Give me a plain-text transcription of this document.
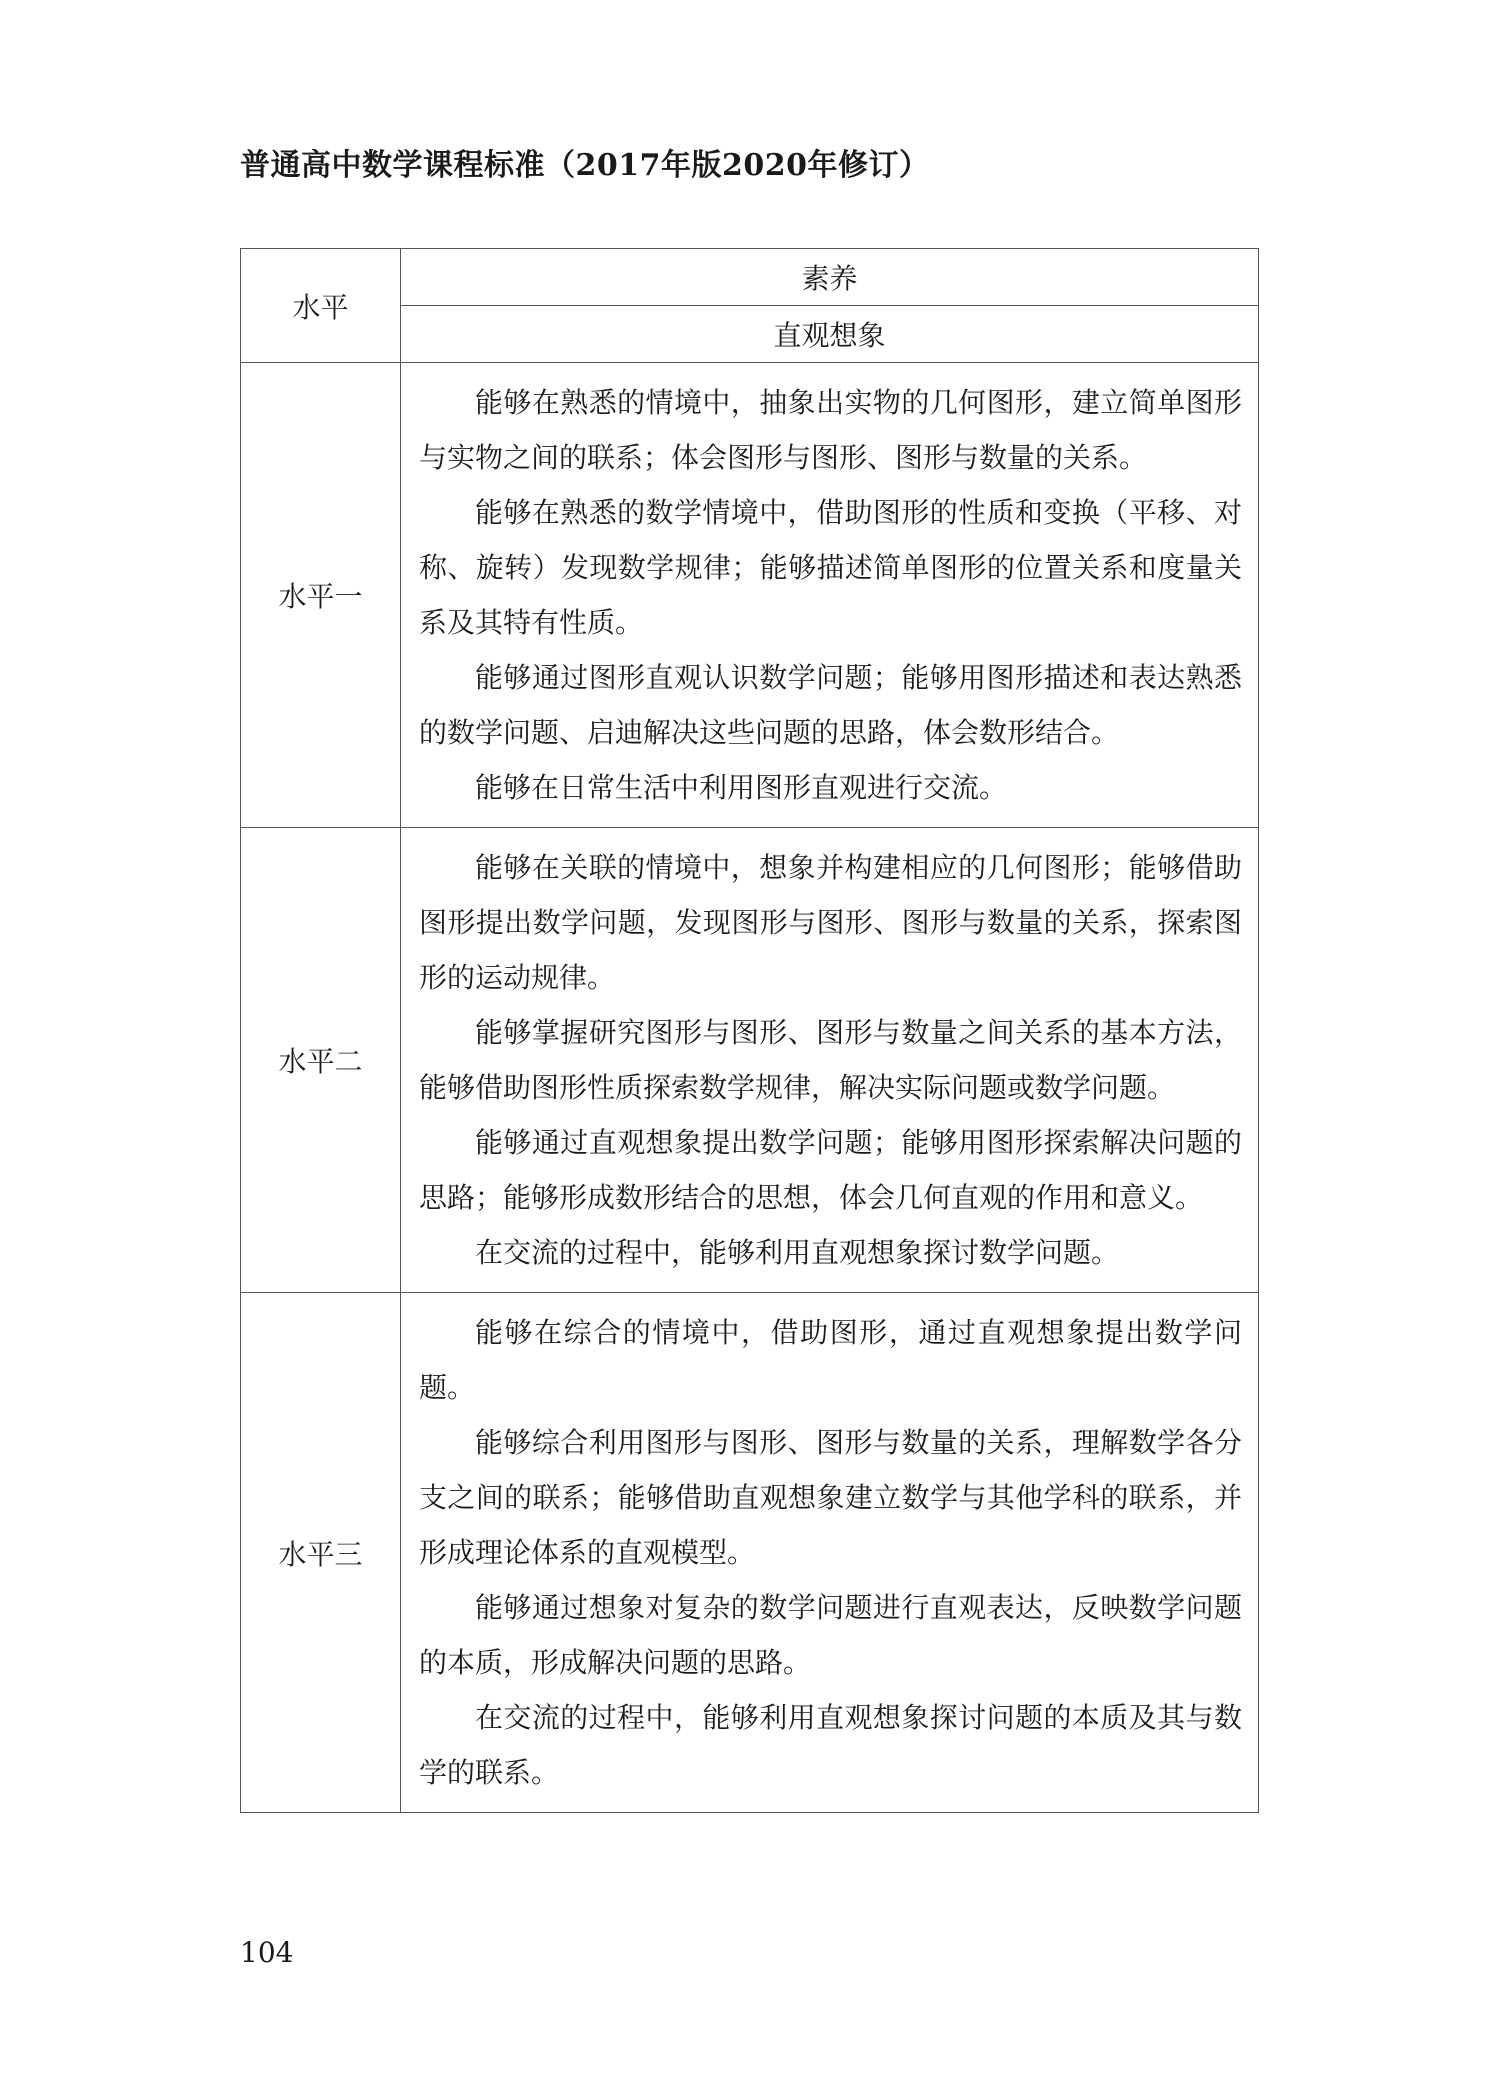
普通高中数学课程标准（2017年版2020年修订）
水平	素养
	直观想象
水平一	能够在熟悉的情境中，抽象出实物的几何图形，建立简单图形与实物之间的联系；体会图形与图形、图形与数量的关系。

能够在熟悉的数学情境中，借助图形的性质和变换（平移、对称、旋转）发现数学规律；能够描述简单图形的位置关系和度量关系及其特有性质。

能够通过图形直观认识数学问题；能够用图形描述和表达熟悉的数学问题、启迪解决这些问题的思路，体会数形结合。

能够在日常生活中利用图形直观进行交流。

水平二	能够在关联的情境中，想象并构建相应的几何图形；能够借助图形提出数学问题，发现图形与图形、图形与数量的关系，探索图形的运动规律。

能够掌握研究图形与图形、图形与数量之间关系的基本方法，能够借助图形性质探索数学规律，解决实际问题或数学问题。

能够通过直观想象提出数学问题；能够用图形探索解决问题的思路；能够形成数形结合的思想，体会几何直观的作用和意义。

在交流的过程中，能够利用直观想象探讨数学问题。

水平三	能够在综合的情境中，借助图形，通过直观想象提出数学问题。

能够综合利用图形与图形、图形与数量的关系，理解数学各分支之间的联系；能够借助直观想象建立数学与其他学科的联系，并形成理论体系的直观模型。

能够通过想象对复杂的数学问题进行直观表达，反映数学问题的本质，形成解决问题的思路。

在交流的过程中，能够利用直观想象探讨问题的本质及其与数学的联系。

104
